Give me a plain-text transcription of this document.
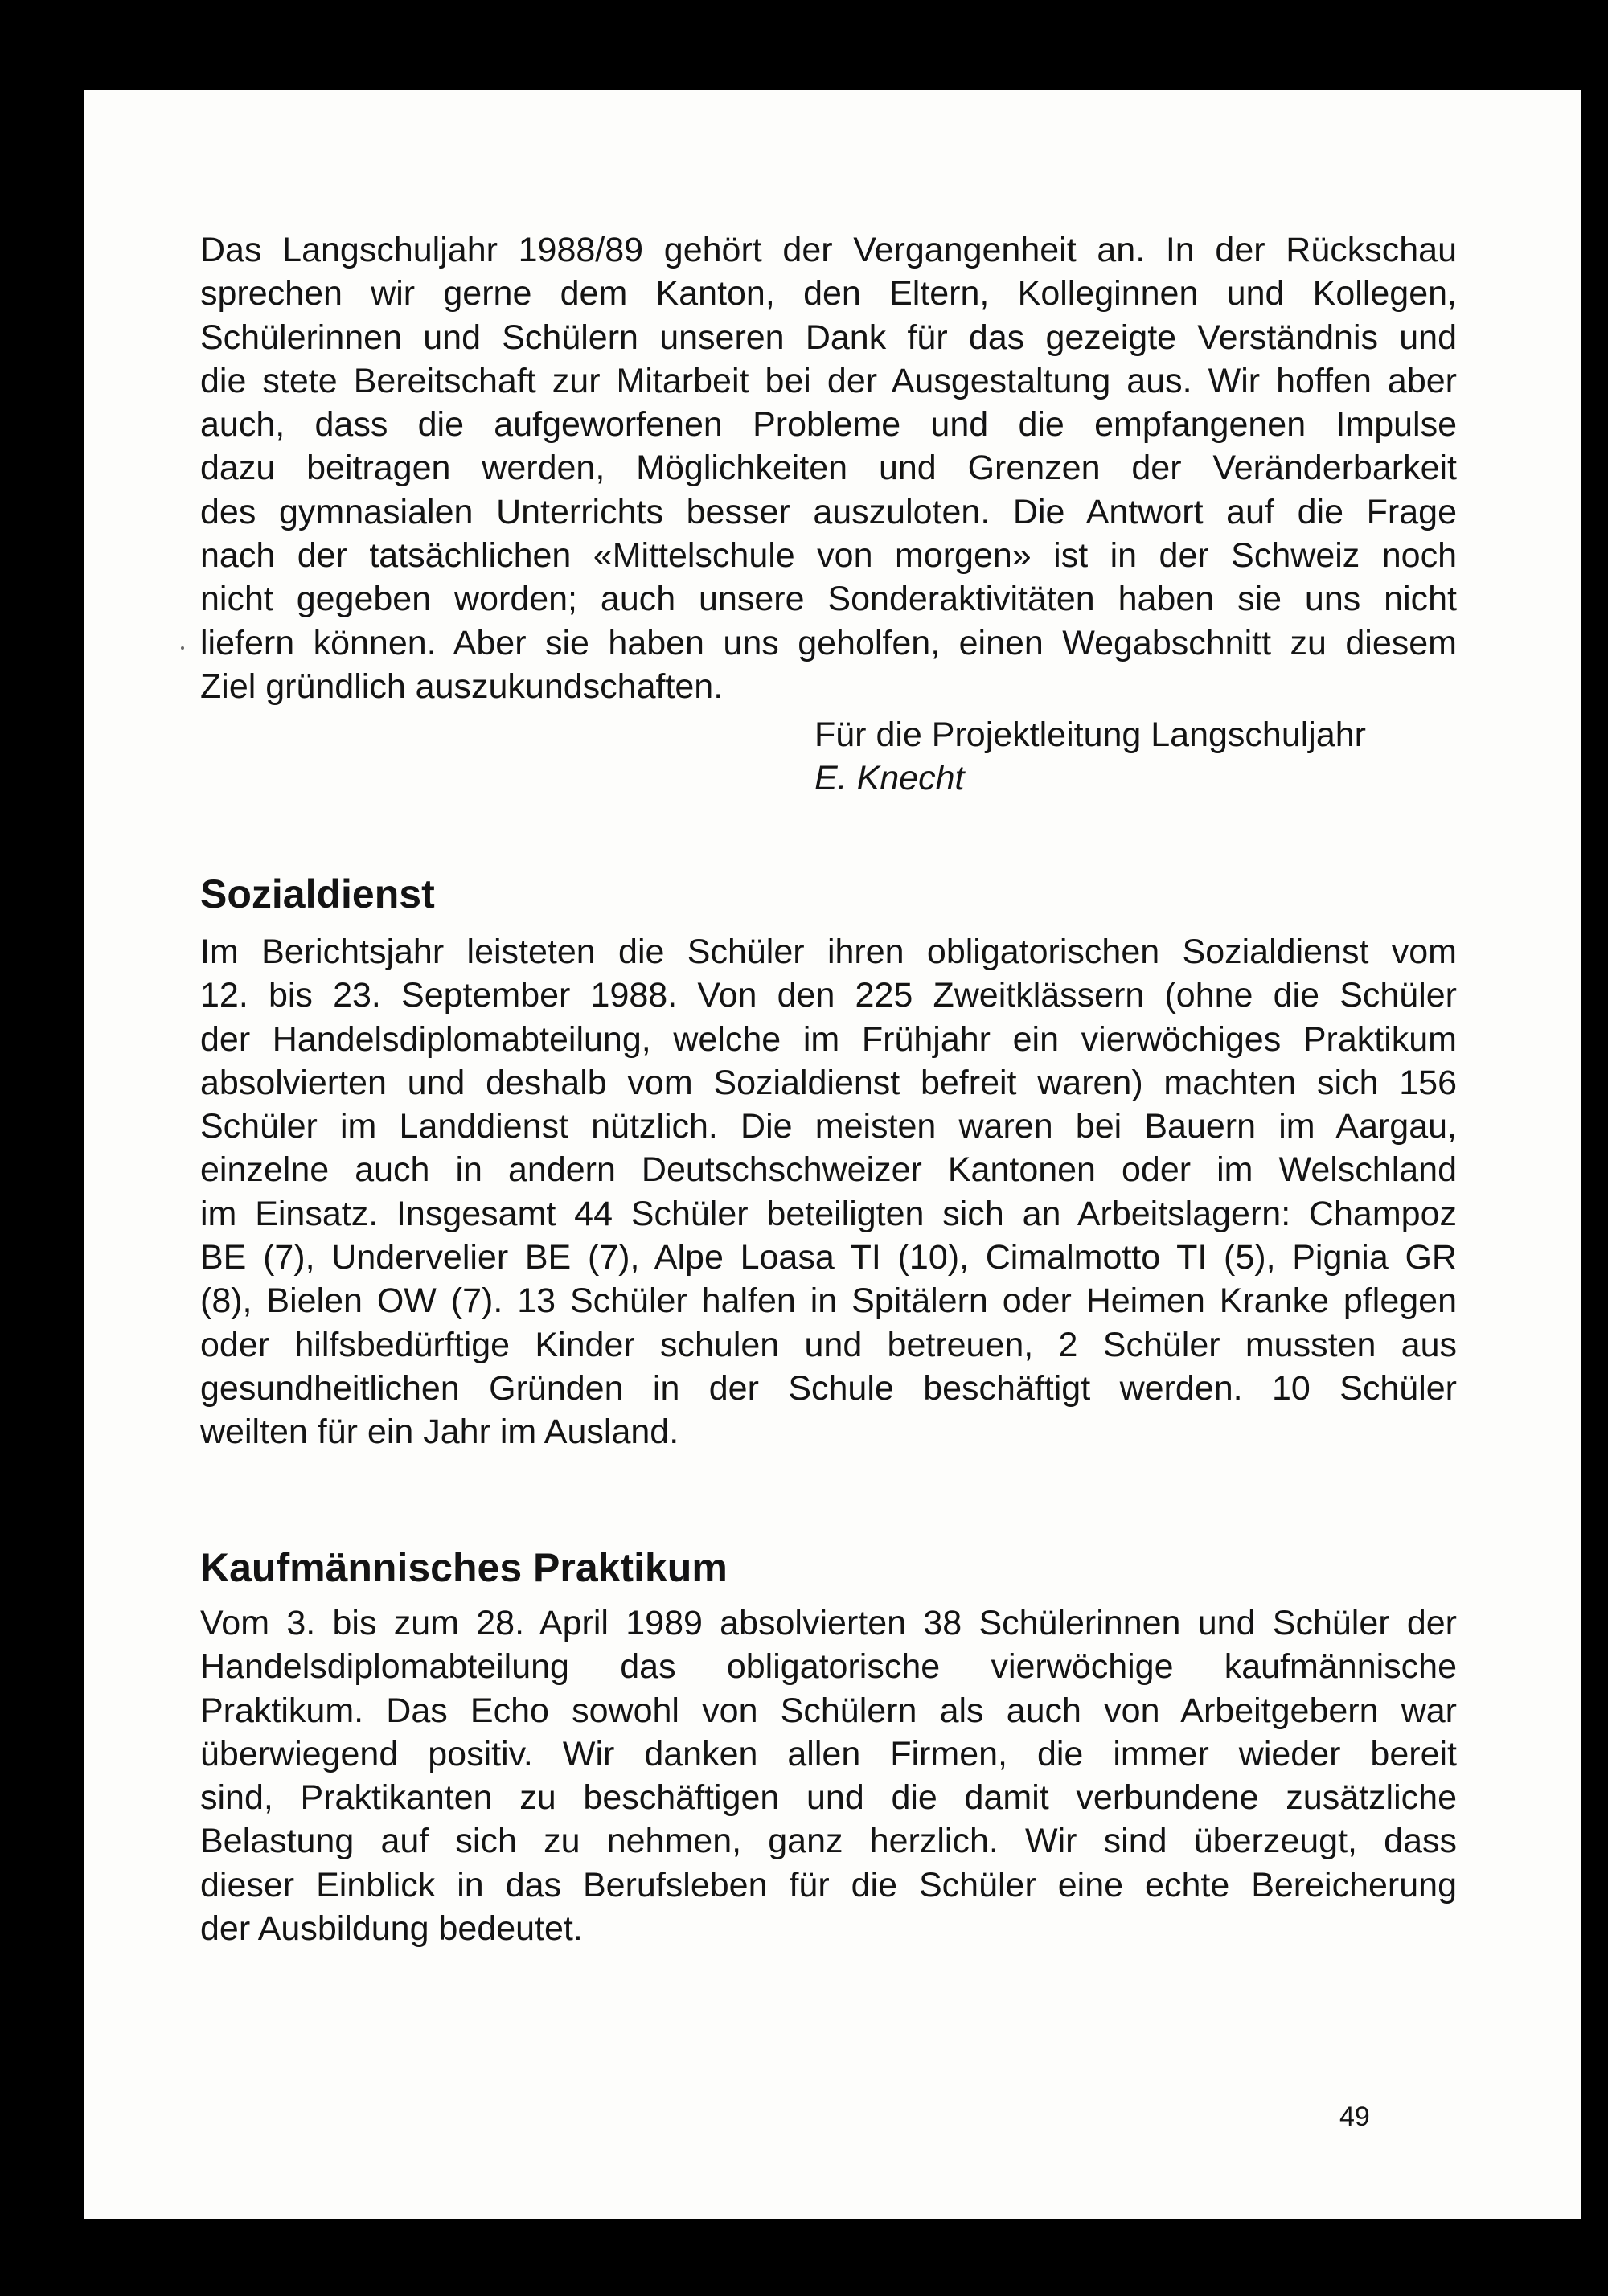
Das Langschuljahr 1988/89 gehört der Vergangenheit an. In der Rückschau
sprechen wir gerne dem Kanton, den Eltern, Kolleginnen und Kollegen,
Schülerinnen und Schülern unseren Dank für das gezeigte Verständnis und
die stete Bereitschaft zur Mitarbeit bei der Ausgestaltung aus. Wir hoffen aber
auch, dass die aufgeworfenen Probleme und die empfangenen Impulse
dazu beitragen werden, Möglichkeiten und Grenzen der Veränderbarkeit
des gymnasialen Unterrichts besser auszuloten. Die Antwort auf die Frage
nach der tatsächlichen «Mittelschule von morgen» ist in der Schweiz noch
nicht gegeben worden; auch unsere Sonderaktivitäten haben sie uns nicht
liefern können. Aber sie haben uns geholfen, einen Wegabschnitt zu diesem
Ziel gründlich auszukundschaften.

Für die Projektleitung Langschuljahr
E. Knecht
Sozialdienst

Im Berichtsjahr leisteten die Schüler ihren obligatorischen Sozialdienst vom
12. bis 23. September 1988. Von den 225 Zweitklässern (ohne die Schüler
der Handelsdiplomabteilung, welche im Frühjahr ein vierwöchiges Praktikum
absolvierten und deshalb vom Sozialdienst befreit waren) machten sich 156
Schüler im Landdienst nützlich. Die meisten waren bei Bauern im Aargau,
einzelne auch in andern Deutschschweizer Kantonen oder im Welschland
im Einsatz. Insgesamt 44 Schüler beteiligten sich an Arbeitslagern: Champoz
BE (7), Undervelier BE (7), Alpe Loasa TI (10), Cimalmotto TI (5), Pignia GR
(8), Bielen OW (7). 13 Schüler halfen in Spitälern oder Heimen Kranke pflegen
oder hilfsbedürftige Kinder schulen und betreuen, 2 Schüler mussten aus
gesundheitlichen Gründen in der Schule beschäftigt werden. 10 Schüler
weilten für ein Jahr im Ausland.

Kaufmännisches Praktikum

Vom 3. bis zum 28. April 1989 absolvierten 38 Schülerinnen und Schüler der
Handelsdiplomabteilung das obligatorische vierwöchige kaufmännische
Praktikum. Das Echo sowohl von Schülern als auch von Arbeitgebern war
überwiegend positiv. Wir danken allen Firmen, die immer wieder bereit
sind, Praktikanten zu beschäftigen und die damit verbundene zusätzliche
Belastung auf sich zu nehmen, ganz herzlich. Wir sind überzeugt, dass
dieser Einblick in das Berufsleben für die Schüler eine echte Bereicherung
der Ausbildung bedeutet.

49
